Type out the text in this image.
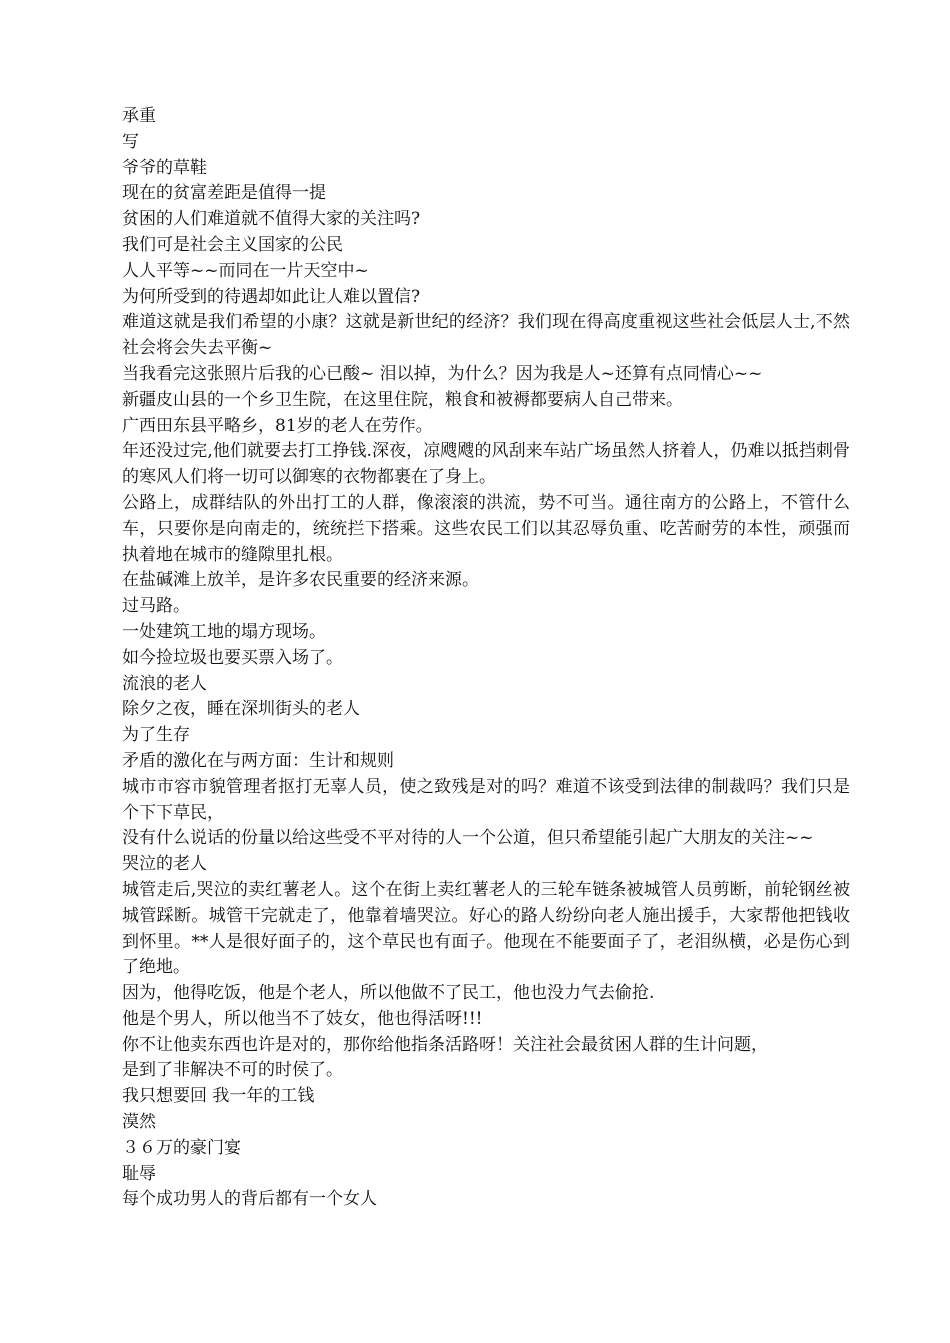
承重

写

爷爷的草鞋

现在的贫富差距是值得一提

贫困的人们难道就不值得大家的关注吗?

我们可是社会主义国家的公民

人人平等~~而同在一片天空中~

为何所受到的待遇却如此让人难以置信?

难道这就是我们希望的小康？这就是新世纪的经济？我们现在得高度重视这些社会低层人士,不然社会将会失去平衡~

当我看完这张照片后我的心已酸~ 泪以掉，为什么？因为我是人~还算有点同情心~~

新疆皮山县的一个乡卫生院，在这里住院，粮食和被褥都要病人自己带来。

广西田东县平略乡，81岁的老人在劳作。

年还没过完,他们就要去打工挣钱.深夜，凉飕飕的风刮来车站广场虽然人挤着人，仍难以抵挡刺骨的寒风人们将一切可以御寒的衣物都裹在了身上。

公路上，成群结队的外出打工的人群，像滚滚的洪流，势不可当。通往南方的公路上，不管什么车，只要你是向南走的，统统拦下搭乘。这些农民工们以其忍辱负重、吃苦耐劳的本性，顽强而执着地在城市的缝隙里扎根。

在盐碱滩上放羊，是许多农民重要的经济来源。

过马路。

一处建筑工地的塌方现场。

如今捡垃圾也要买票入场了。

流浪的老人

除夕之夜，睡在深圳街头的老人

为了生存

矛盾的激化在与两方面：生计和规则

城市市容市貌管理者抠打无辜人员，使之致残是对的吗？难道不该受到法律的制裁吗？我们只是个下下草民，

没有什么说话的份量以给这些受不平对待的人一个公道，但只希望能引起广大朋友的关注~~

哭泣的老人

城管走后,哭泣的卖红薯老人。这个在街上卖红薯老人的三轮车链条被城管人员剪断，前轮钢丝被城管踩断。城管干完就走了，他靠着墙哭泣。好心的路人纷纷向老人施出援手，大家帮他把钱收到怀里。**人是很好面子的，这个草民也有面子。他现在不能要面子了，老泪纵横，必是伤心到了绝地。

因为，他得吃饭，他是个老人，所以他做不了民工，他也没力气去偷抢.

他是个男人，所以他当不了妓女，他也得活呀!!!

你不让他卖东西也许是对的，那你给他指条活路呀！关注社会最贫困人群的生计问题，

是到了非解决不可的时侯了。

我只想要回 我一年的工钱

漠然

３６万的豪门宴

耻辱

每个成功男人的背后都有一个女人
